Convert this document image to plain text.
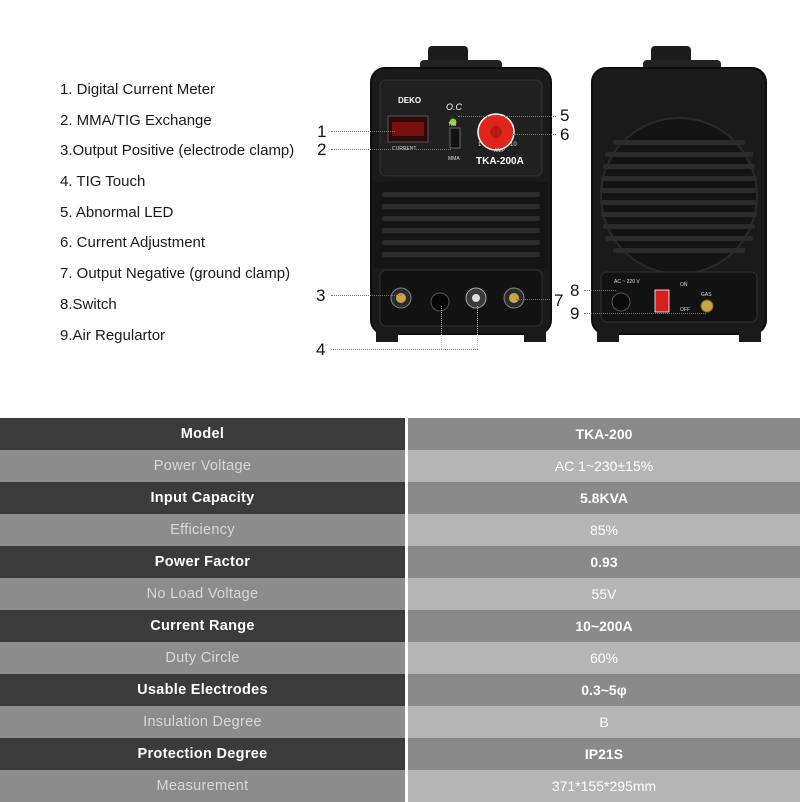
1. Digital Current Meter
2. MMA/TIG Exchange
3.Output Positive (electrode clamp)
4. TIG Touch
5. Abnormal LED
6. Current Adjustment
7. Output Negative (ground clamp)
8.Switch
9.Air Regulartor
DEKO
O.C
CURRENT
TIG
MMA
AMP
1	10
TKA-200A
AC ~ 220 V	ON
OFF
GAS
1
2
3
4
5
6
7
8
9
Model	TKA-200
Power Voltage	AC 1~230±15%
Input Capacity	5.8KVA
Efficiency	85%
Power Factor	0.93
No Load Voltage	55V
Current Range	10~200A
Duty Circle	60%
Usable Electrodes	0.3~5φ
Insulation Degree	B
Protection Degree	IP21S
Measurement	371*155*295mm
